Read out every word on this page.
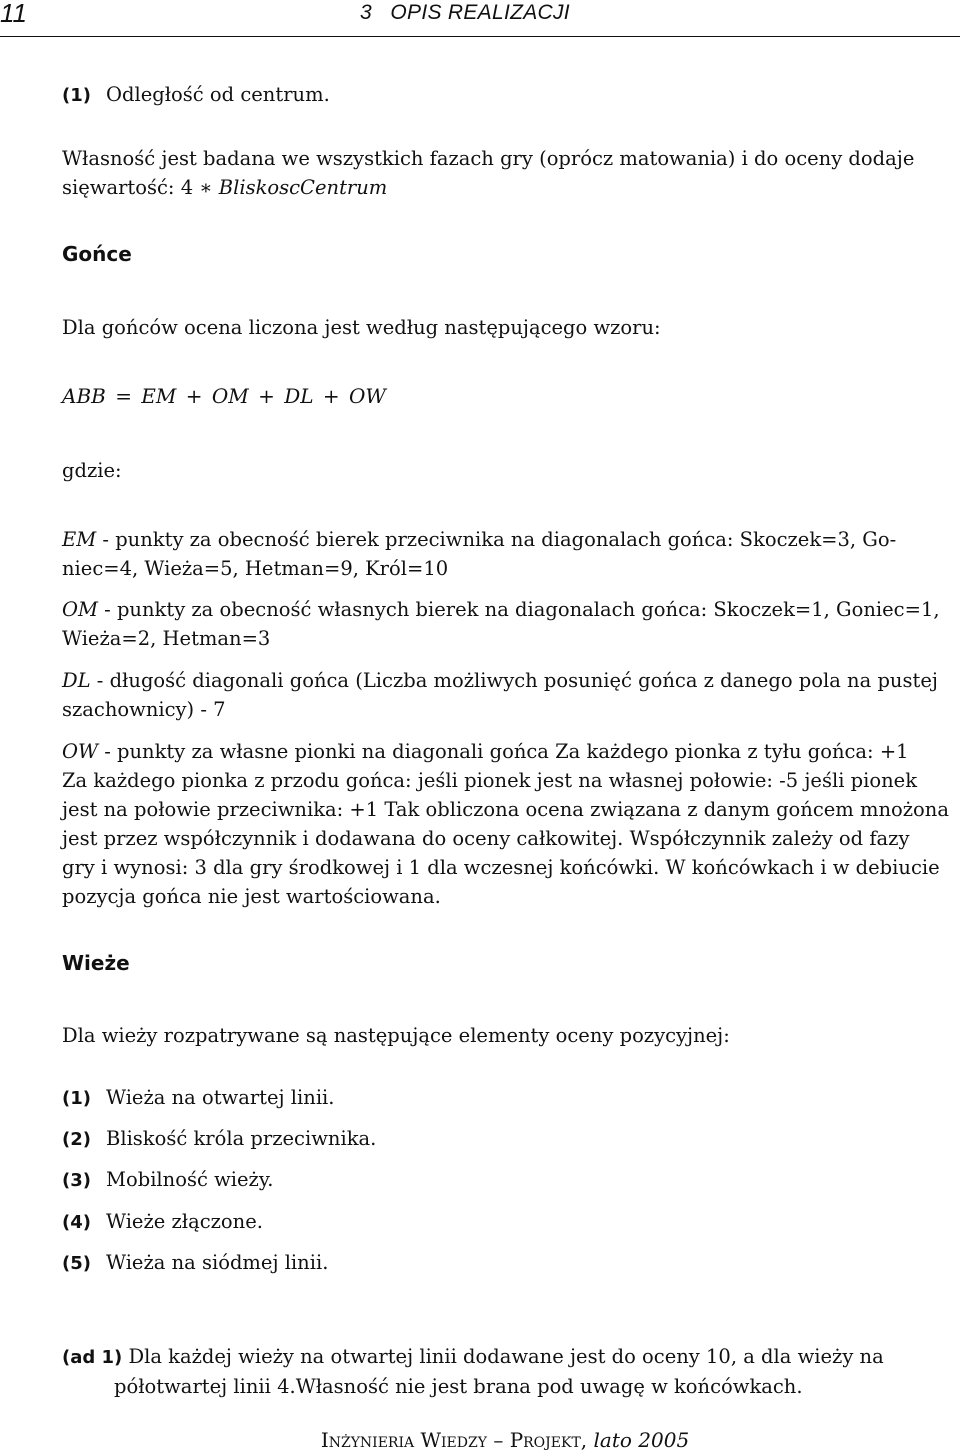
11	3   OPIS REALIZACJI
(1) Odległość od centrum.
Własność jest badana we wszystkich fazach gry (oprócz matowania) i do oceny dodaje
sięwartość: 4 ∗ BliskoscCentrum
Gońce
Dla gońców ocena liczona jest według następującego wzoru:
ABB = EM + OM + DL + OW
gdzie:
EM - punkty za obecność bierek przeciwnika na diagonalach gońca: Skoczek=3, Go-
niec=4, Wieża=5, Hetman=9, Król=10
OM - punkty za obecność własnych bierek na diagonalach gońca: Skoczek=1, Goniec=1,
Wieża=2, Hetman=3
DL - długość diagonali gońca (Liczba możliwych posunięć gońca z danego pola na pustej
szachownicy) - 7
OW - punkty za własne pionki na diagonali gońca Za każdego pionka z tyłu gońca: +1
Za każdego pionka z przodu gońca: jeśli pionek jest na własnej połowie: -5 jeśli pionek
jest na połowie przeciwnika: +1 Tak obliczona ocena związana z danym gońcem mnożona
jest przez współczynnik i dodawana do oceny całkowitej. Współczynnik zależy od fazy
gry i wynosi: 3 dla gry środkowej i 1 dla wczesnej końcówki. W końcówkach i w debiucie
pozycja gońca nie jest wartościowana.
Wieże
Dla wieży rozpatrywane są następujące elementy oceny pozycyjnej:
(1) Wieża na otwartej linii.
(2) Bliskość króla przeciwnika.
(3) Mobilność wieży.
(4) Wieże złączone.
(5) Wieża na siódmej linii.
(ad 1) Dla każdej wieży na otwartej linii dodawane jest do oceny 10, a dla wieży na
półotwartej linii 4.Własność nie jest brana pod uwagę w końcówkach.
Inżynieria Wiedzy – Projekt, lato 2005
